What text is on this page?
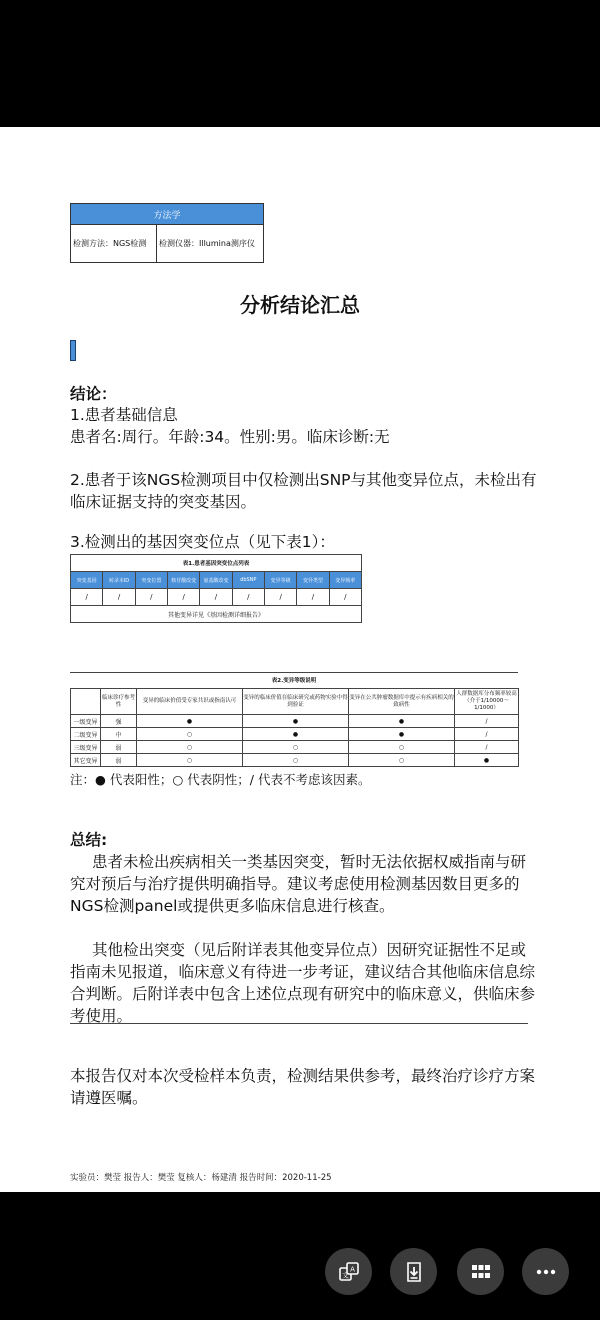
方法学
检测方法：NGS检测	检测仪器：Illumina测序仪
分析结论汇总
结论：
1.患者基础信息
患者名:周行。年龄:34。性别:男。临床诊断:无
2.患者于该NGS检测项目中仅检测出SNP与其他变异位点，未检出有临床证据支持的突变基因。
3.检测出的基因突变位点（见下表1）：
表1.患者基因突变位点列表								
突变基因	转录本ID	突变位置	核苷酸改变	氨基酸改变	dbSNP	变异等级	变异类型	变异频率
/	/	/	/	/	/	/	/	/
其他变异详见《基因检测详细报告》								
表2.变异等级说明
	临床诊疗参考性	变异的临床价值受专家共识或指南认可	变异的临床价值在临床研究或药物实验中得到验证	变异在公共肿瘤数据库中提示有疾病相关的致病性	人群数据库分布频率较高（介于1/10000～1/1000）
一级变异	强	●	●	●	/
二级变异	中	○	●	●	/
三级变异	弱	○	○	○	/
其它变异	弱	○	○	○	●
注：● 代表阳性；○ 代表阴性；/ 代表不考虑该因素。
总结:
患者未检出疾病相关一类基因突变，暂时无法依据权威指南与研究对预后与治疗提供明确指导。建议考虑使用检测基因数目更多的NGS检测panel或提供更多临床信息进行核查。
其他检出突变（见后附详表其他变异位点）因研究证据性不足或指南未见报道，临床意义有待进一步考证，建议结合其他临床信息综合判断。后附详表中包含上述位点现有研究中的临床意义，供临床参考使用。
本报告仅对本次受检样本负责，检测结果供参考，最终治疗诊疗方案请遵医嘱。
实验员：樊莹 报告人：樊莹 复核人：杨建清 报告时间：2020-11-25
A
文
